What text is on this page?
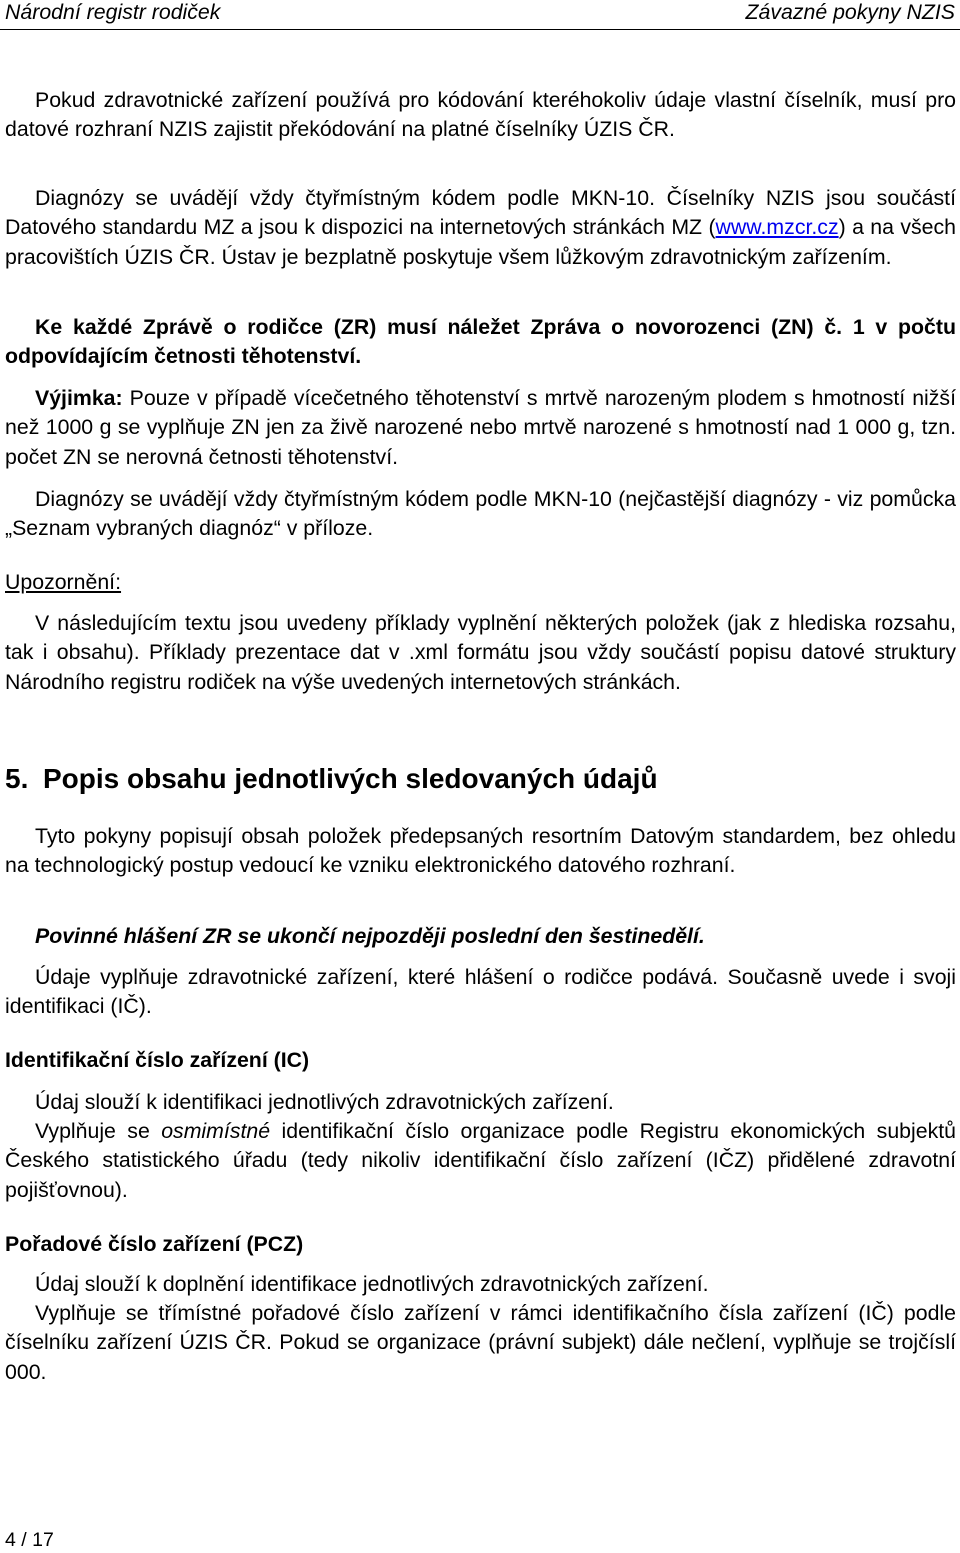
Národní registr rodiček	Závazné pokyny NZIS

Pokud zdravotnické zařízení používá pro kódování kteréhokoliv údaje vlastní číselník, musí pro datové rozhraní NZIS zajistit překódování na platné číselníky ÚZIS ČR.

Diagnózy se uvádějí vždy čtyřmístným kódem podle MKN-10. Číselníky NZIS jsou součástí Datového standardu MZ a jsou k dispozici na internetových stránkách MZ (www.mzcr.cz) a na všech pracovištích ÚZIS ČR. Ústav je bezplatně poskytuje všem lůžkovým zdravotnickým zařízením.

Ke každé Zprávě o rodičce (ZR) musí náležet Zpráva o novorozenci (ZN) č. 1 v počtu odpovídajícím četnosti těhotenství.

Výjimka: Pouze v případě vícečetného těhotenství s mrtvě narozeným plodem s hmotností nižší než 1000 g se vyplňuje ZN jen za živě narozené nebo mrtvě narozené s hmotností nad 1 000 g, tzn. počet ZN se nerovná četnosti těhotenství.

Diagnózy se uvádějí vždy čtyřmístným kódem podle MKN-10 (nejčastější diagnózy - viz pomůcka „Seznam vybraných diagnóz“ v příloze.

Upozornění:

V následujícím textu jsou uvedeny příklady vyplnění některých položek (jak z hlediska rozsahu, tak i obsahu). Příklady prezentace dat v .xml formátu jsou vždy součástí popisu datové struktury Národního registru rodiček na výše uvedených internetových stránkách.

5. Popis obsahu jednotlivých sledovaných údajů

Tyto pokyny popisují obsah položek předepsaných resortním Datovým standardem, bez ohledu na technologický postup vedoucí ke vzniku elektronického datového rozhraní.

Povinné hlášení ZR se ukončí nejpozději poslední den šestinedělí.

Údaje vyplňuje zdravotnické zařízení, které hlášení o rodičce podává. Současně uvede i svoji identifikaci (IČ).

Identifikační číslo zařízení (IC)

Údaj slouží k identifikaci jednotlivých zdravotnických zařízení.

Vyplňuje se osmimístné identifikační číslo organizace podle Registru ekonomických subjektů Českého statistického úřadu (tedy nikoliv identifikační číslo zařízení (IČZ) přidělené zdravotní pojišťovnou).

Pořadové číslo zařízení (PCZ)

Údaj slouží k doplnění identifikace jednotlivých zdravotnických zařízení.

Vyplňuje se třímístné pořadové číslo zařízení v rámci identifikačního čísla zařízení (IČ) podle číselníku zařízení ÚZIS ČR. Pokud se organizace (právní subjekt) dále nečlení, vyplňuje se trojčíslí 000.

4 / 17
